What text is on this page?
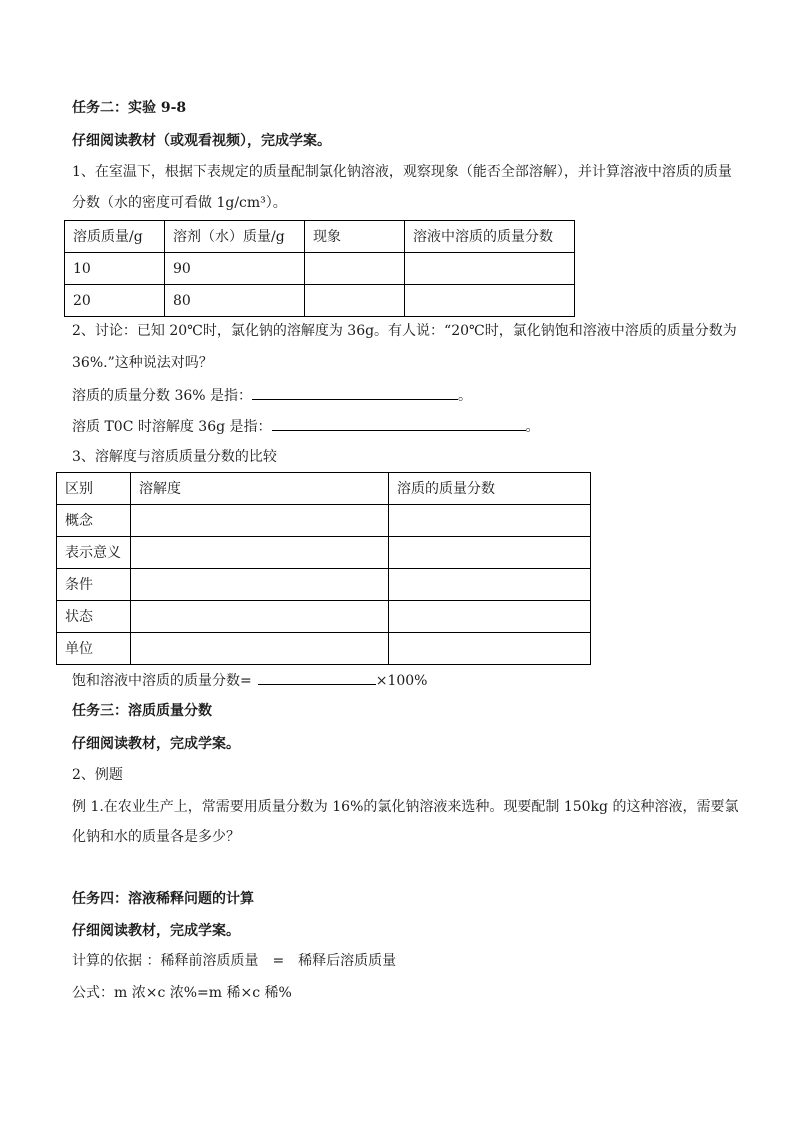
任务二：实验 9-8

仔细阅读教材（或观看视频），完成学案。

1、在室温下，根据下表规定的质量配制氯化钠溶液，观察现象（能否全部溶解），并计算溶液中溶质的质量

分数（水的密度可看做 1g/cm³）。

溶质质量/g	溶剂（水）质量/g	现象	溶液中溶质的质量分数
10	90		
20	80		

2、讨论：已知 20℃时，氯化钠的溶解度为 36g。有人说：“20℃时，氯化钠饱和溶液中溶质的质量分数为

36%.”这种说法对吗？

溶质的质量分数 36% 是指：	。

溶质 T0C 时溶解度 36g 是指：	。

3、溶解度与溶质质量分数的比较

区别	溶解度	溶质的质量分数
概念		
表示意义		
条件		
状态		
单位		

饱和溶液中溶质的质量分数=	×100%

任务三：溶质质量分数

仔细阅读教材，完成学案。

2、例题

例 1.在农业生产上，常需要用质量分数为 16%的氯化钠溶液来选种。现要配制 150kg 的这种溶液，需要氯

化钠和水的质量各是多少？

任务四：溶液稀释问题的计算

仔细阅读教材，完成学案。

计算的依据 ：稀释前溶质质量　=　稀释后溶质质量

公式：m 浓×c 浓%=m 稀×c 稀%
